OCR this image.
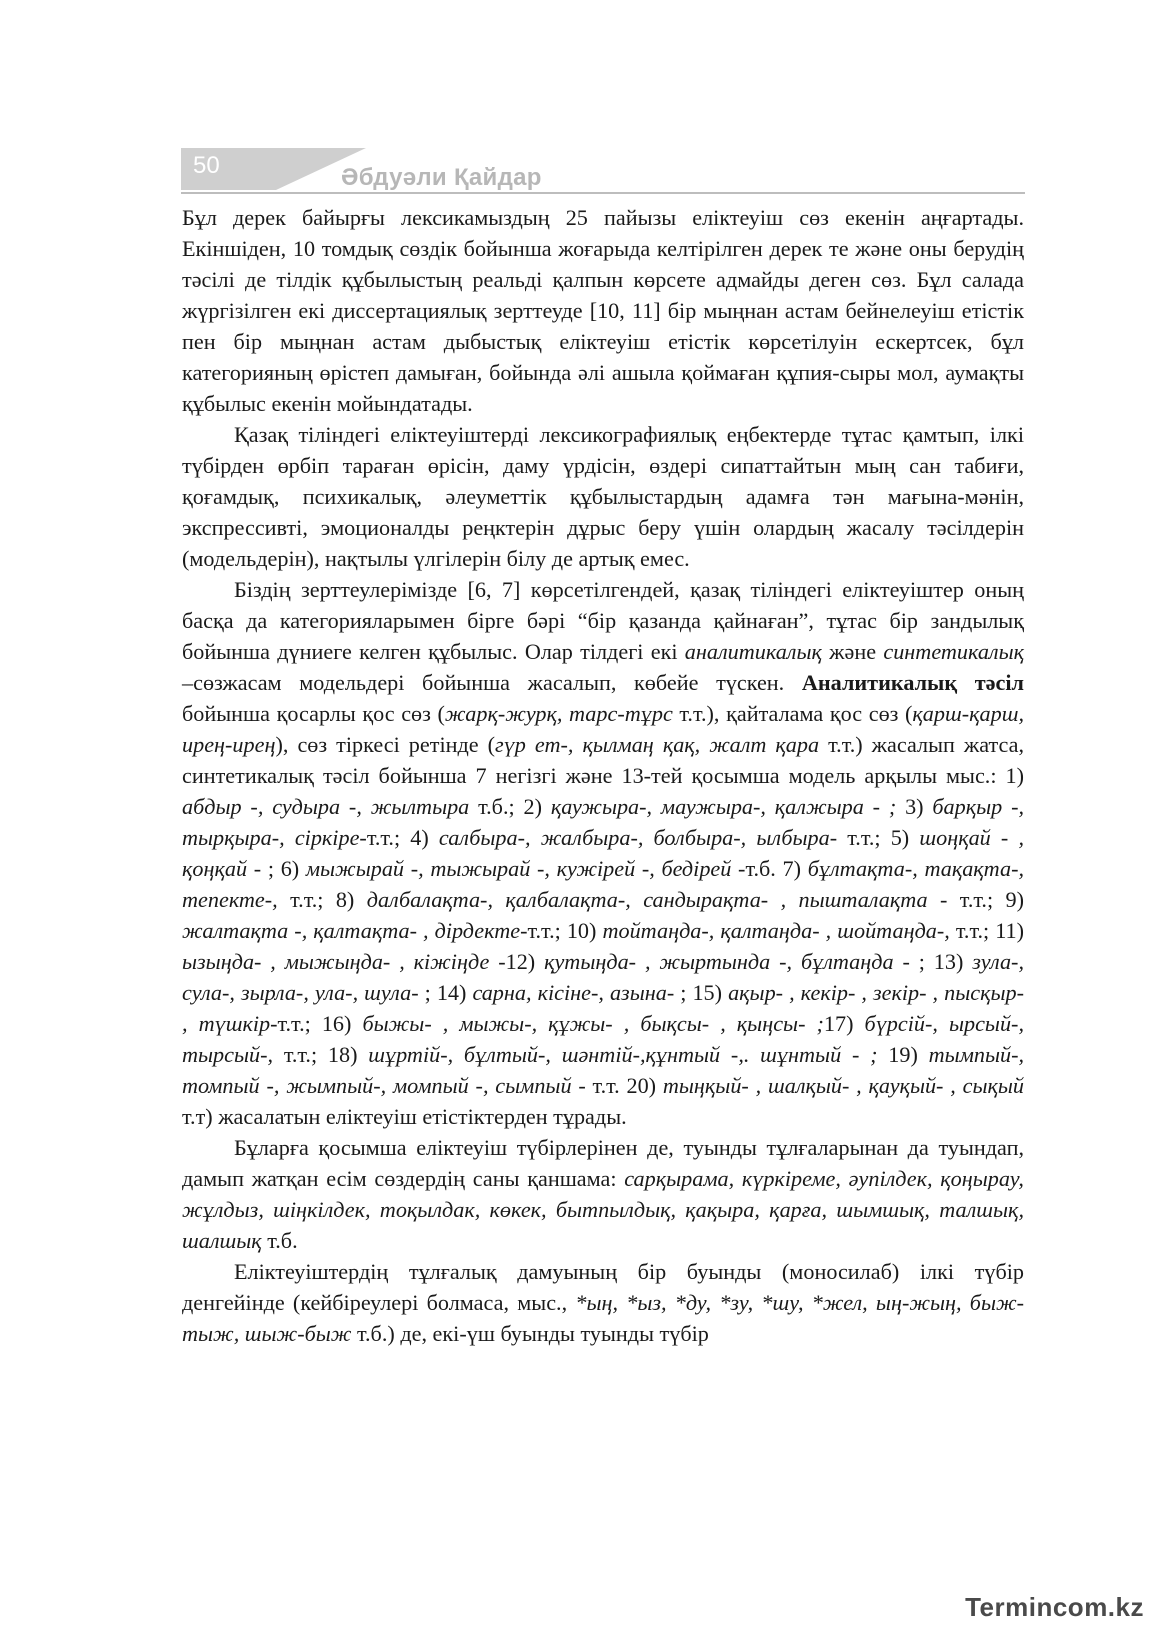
50	Әбдуәли Қайдар

Бұл дерек байырғы лексикамыздың 25 пайызы еліктеуіш сөз екенін аңғартады. Екіншіден, 10 томдық сөздік бойынша жоғарыда келтірілген дерек те және оны берудің тәсілі де тілдік құбылыстың реальді қалпын көрсете адмайды деген сөз. Бұл салада жүргізілген екі диссертациялық зерттеуде [10, 11] бір мыңнан астам бейнелеуіш етістік пен бір мыңнан астам дыбыстық еліктеуіш етістік көрсетілуін ескертсек, бұл категорияның өрістеп дамыған, бойында әлі ашыла қоймаған құпия-сыры мол, аумақты құбылыс екенін мойындатады.

Қазақ тіліндегі еліктеуіштерді лексикографиялық еңбектерде тұтас қамтып, ілкі түбірден өрбіп тараған өрісін, даму үрдісін, өздері сипаттайтын мың сан табиғи, қоғамдық, психикалық, әлеуметтік құбылыстардың адамға тән мағына-мәнін, экспрессивті, эмоционалды реңктерін дұрыс беру үшін олардың жасалу тәсілдерін (модельдерін), нақтылы үлгілерін білу де артық емес.

Біздің зерттеулерімізде [6, 7] көрсетілгендей, қазақ тіліндегі еліктеуіштер оның басқа да категорияларымен бірге бәрі “бір қазанда қайнаған”, тұтас бір зандылық бойынша дүниеге келген құбылыс. Олар тілдегі екі аналитикалық және синтетикалық –сөзжасам модельдері бойынша жасалып, көбейе түскен. Аналитикалық тәсіл бойынша қосарлы қос сөз (жарқ-журқ, тарс-тұрс т.т.), қайталама қос сөз (қарш-қарш, ирең-ирең), сөз тіркесі ретінде (гүр ет-, қылмаң қақ, жалт қара т.т.) жасалып жатса, синтетикалық тәсіл бойынша 7 негізгі және 13-тей қосымша модель арқылы мыс.: 1) абдыр -, судыра -, жылтыра т.б.; 2) қаужыра-, маужыра-, қалжыра - ; 3) барқыр -, тырқыра-, сіркіре-т.т.; 4) салбыра-, жалбыра-, болбыра-, ылбыра- т.т.; 5) шоңқай - , қоңқай - ; 6) мыжырай -, тыжырай -, кужірей -, бедірей -т.б. 7) бұлтақта-, тақақта-, тепекте-, т.т.; 8) далбалақта-, қалбалақта-, сандырақта- , пышталақта - т.т.; 9) жалтақта -, қалтақта- , дірдекте-т.т.; 10) тойтаңда-, қалтаңда- , шойтаңда-, т.т.; 11) ызыңда- , мыжыңда- , кіжіңде -12) қутыңда- , жыртында -, бұлтаңда - ; 13) зула-, сула-, зырла-, ула-, шула- ; 14) сарна, кісіне-, азына- ; 15) ақыр- , кекір- , зекір- , пысқыр- , түшкір-т.т.; 16) быжы- , мыжы-, құжы- , бықсы- , қыңсы- ;17) бүрсій-, ырсый-, тырсый-, т.т.; 18) шұртій-, бұлтый-, шәнтій-,құнтый -,. шұнтый - ; 19) тымпый-, томпый -, жымпый-, момпый -, сымпый - т.т. 20) тыңқый- , шалқый- , қауқый- , сықый т.т) жасалатын еліктеуіш етістіктерден тұрады.

Бұларға қосымша еліктеуіш түбірлерінен де, туынды тұлғаларынан да туындап, дамып жатқан есім сөздердің саны қаншама: сарқырама, күркіреме, әупілдек, қоңырау, жұлдыз, шіңкілдек, тоқылдак, көкек, бытпылдық, қақыра, қарға, шымшық, талшық, шалшық т.б.

Еліктеуіштердің тұлғалық дамуының бір буынды (моносилаб) ілкі түбір денгейінде (кейбіреулері болмаса, мыс., *ың, *ыз, *ду, *зу, *шу, *жел, ың-жың, быж-тыж, шыж-быж т.б.) де, екі-үш буынды туынды түбір

Termincom.kz
